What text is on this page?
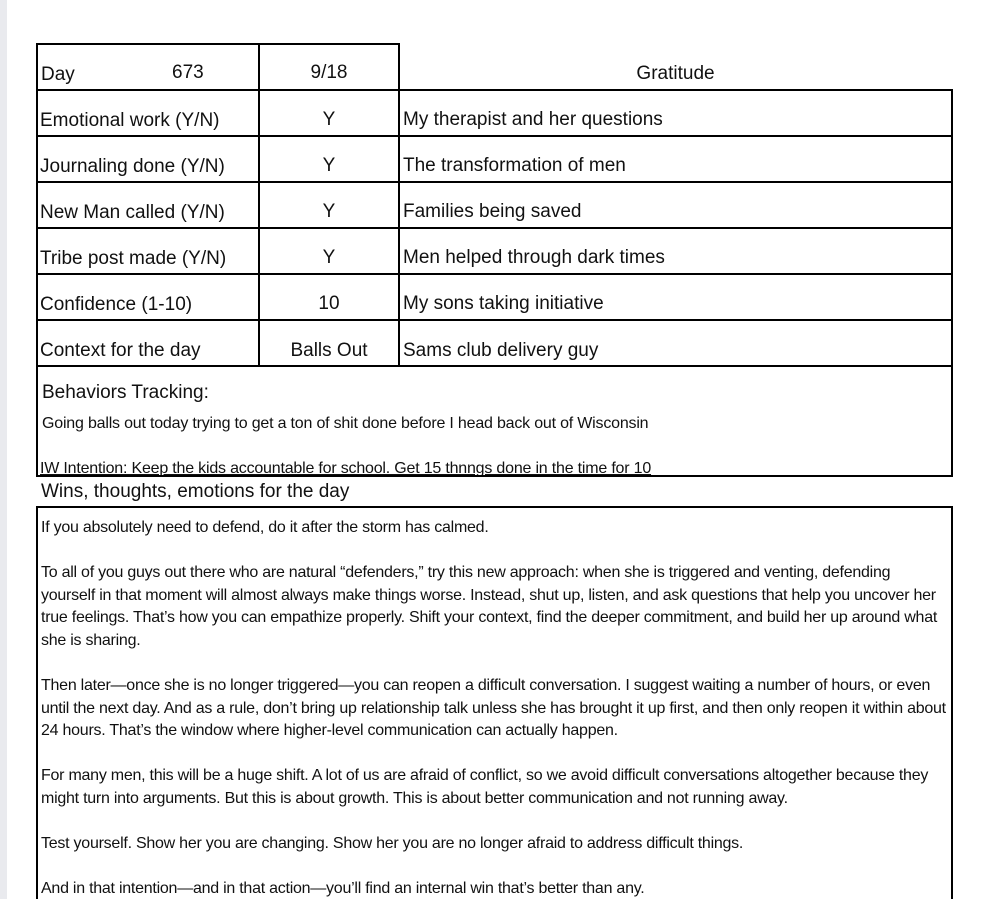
Day	673	9/18	Gratitude
Emotional work (Y/N)	Y	My therapist and her questions
Journaling done (Y/N)	Y	The transformation of men
New Man called (Y/N)	Y	Families being saved
Tribe post made (Y/N)	Y	Men helped through dark times
Confidence (1-10)	10	My sons taking initiative
Context for the day	Balls Out	Sams club delivery guy
Behaviors Tracking:
Going balls out today trying to get a ton of shit done before I head back out of Wisconsin
IW Intention: Keep the kids accountable for school. Get 15 thnngs done in the time for 10
Wins, thoughts, emotions for the day
If you absolutely need to defend, do it after the storm has calmed.
To all of you guys out there who are natural “defenders,” try this new approach: when she is triggered and venting, defending yourself in that moment will almost always make things worse. Instead, shut up, listen, and ask questions that help you uncover her true feelings. That’s how you can empathize properly. Shift your context, find the deeper commitment, and build her up around what she is sharing.
Then later—once she is no longer triggered—you can reopen a difficult conversation. I suggest waiting a number of hours, or even until the next day. And as a rule, don’t bring up relationship talk unless she has brought it up first, and then only reopen it within about 24 hours. That’s the window where higher-level communication can actually happen.
For many men, this will be a huge shift. A lot of us are afraid of conflict, so we avoid difficult conversations altogether because they might turn into arguments. But this is about growth. This is about better communication and not running away.
Test yourself. Show her you are changing. Show her you are no longer afraid to address difficult things.
And in that intention—and in that action—you’ll find an internal win that’s better than any.
